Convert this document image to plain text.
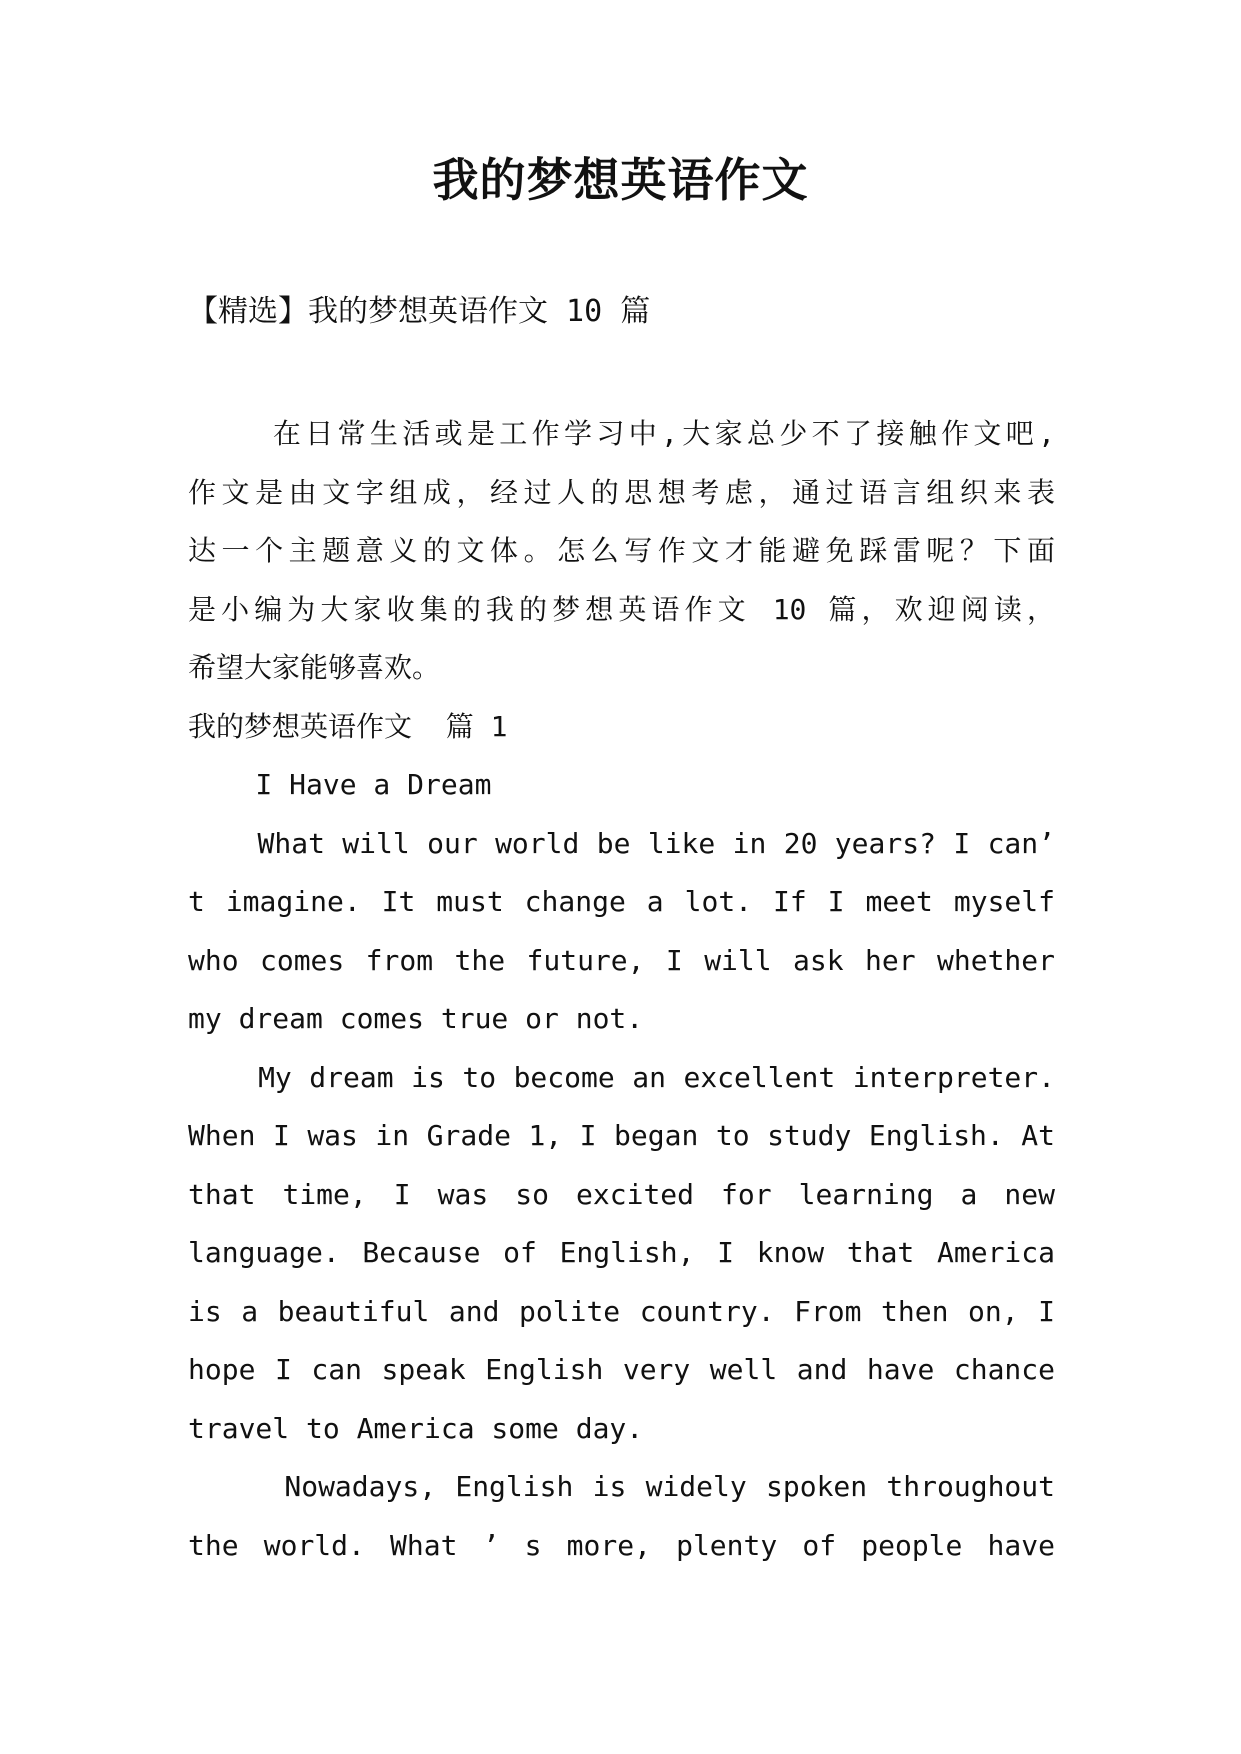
我的梦想英语作文
【精选】我的梦想英语作文 10 篇
在日常生活或是工作学习中,大家总少不了接触作文吧,
作文是由文字组成，经过人的思想考虑，通过语言组织来表
达一个主题意义的文体。怎么写作文才能避免踩雷呢？下面
是小编为大家收集的我的梦想英语作文 10 篇，欢迎阅读，
希望大家能够喜欢。
我的梦想英语作文  篇 1
I Have a Dream
What will our world be like in 20 years? I can’
t imagine. It must change a lot. If I meet myself
who comes from the future, I will ask her whether
my dream comes true or not.
My dream is to become an excellent interpreter.
When I was in Grade 1, I began to study English. At
that time, I was so excited for learning a new
language. Because of English, I know that America
is a beautiful and polite country. From then on, I
hope I can speak English very well and have chance
travel to America some day.
Nowadays, English is widely spoken throughout
the world. What ’ s more, plenty of people have
